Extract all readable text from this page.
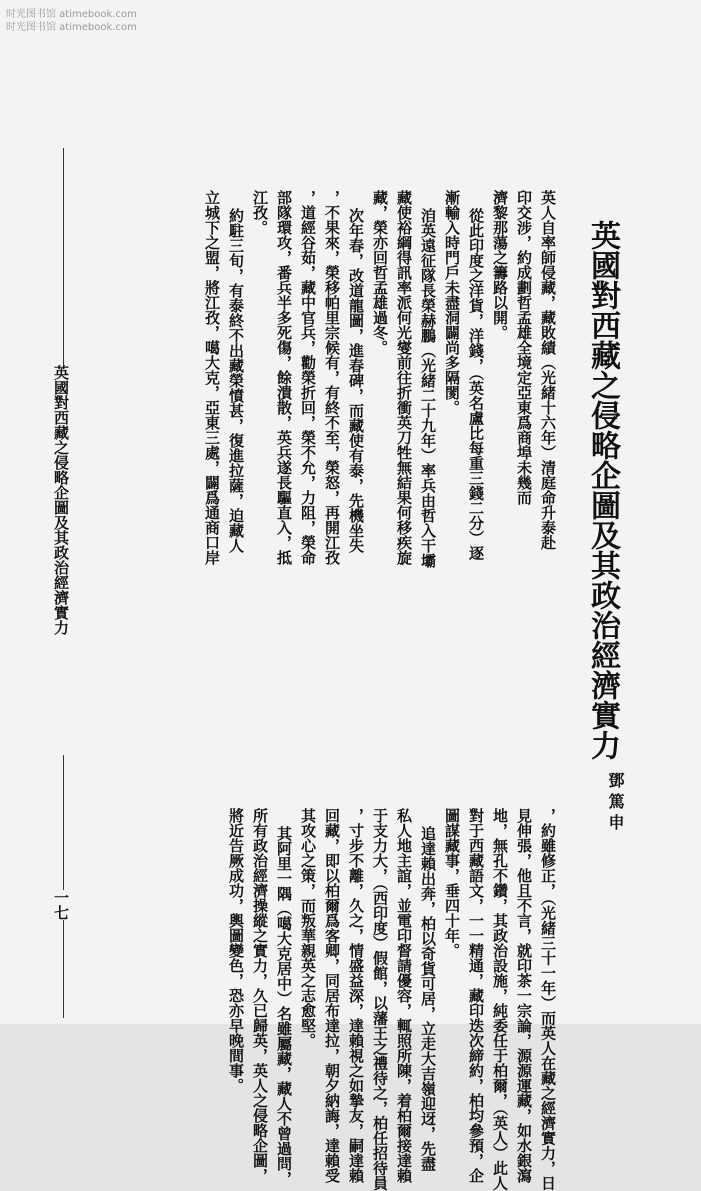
时光图书馆 atimebook.com
时光图书馆 atimebook.com
英國對西藏之侵略企圖及其政治經濟實力
鄧篤申
英人自率師侵藏，藏敗績（光緒十六年）清庭命升泰赴
印交涉，約成劃哲孟雄全境定亞東爲商埠未幾而
濟黎那蕩之籌路以開。
從此印度之洋貨，洋錢，（英名盧比每重三錢二分）逐
漸輸入時門戶未盡洞闢尚多隔閡。
洎英遠征隊長榮赫鵬（光緒二十九年）率兵由哲入干壩
藏使裕綱得訊率派何光燮前往折衝英刀牲無結果何移疾旋
藏，榮亦回哲孟雄過冬。
次年春，改道龍圖，進春碑，而藏使有泰，先機坐失
，不果來，榮移帕里宗候有，有終不至，榮怒，再開江孜
，道經谷茹，藏中官兵，勸榮折回，榮不允，力阻，榮命
部隊環攻，番兵半多死傷，餘潰散，英兵遂長驅直入，抵
江孜。
約駐三旬，有泰終不出藏榮憤甚，復進拉薩，迫藏人
立城下之盟，將江孜，噶大克，亞東三處，闢爲通商口岸
，約雖修正，（光緒三十一年）而英人在藏之經濟實力，日
見伸張，他且不言，就印茶一宗論，源源運藏，如水銀瀉
地，無孔不鑽，其政治設施，純委任于柏爾，（英人）此人
對于西藏語文，一一精通，藏印迭次締約，柏均參預，企
圖謀藏事，垂四十年。
追達賴出奔，柏以奇貨可居，立走大吉嶺迎迓，先盡
私人地主誼，並電印督請優容，輒照所陳，着柏爾接達賴
于支力大，（西印度）假館，以藩王之禮待之，柏任招待員
，寸步不離，久之，情盛益深，達賴視之如摯友，嗣達賴
回藏，即以柏爾爲客卿，同居布達拉，朝夕納誨，達賴受
其攻心之策，而叛華親英之志愈堅。
其阿里一隅（噶大克居中）名雖屬藏，藏人不曾過問，
所有政治經濟操縱之實力，久已歸英，英人之侵略企圖，
將近告厥成功，輿圖變色，恐亦早晚間事。
英國對西藏之侵略企圖及其政治經濟實力
一七
